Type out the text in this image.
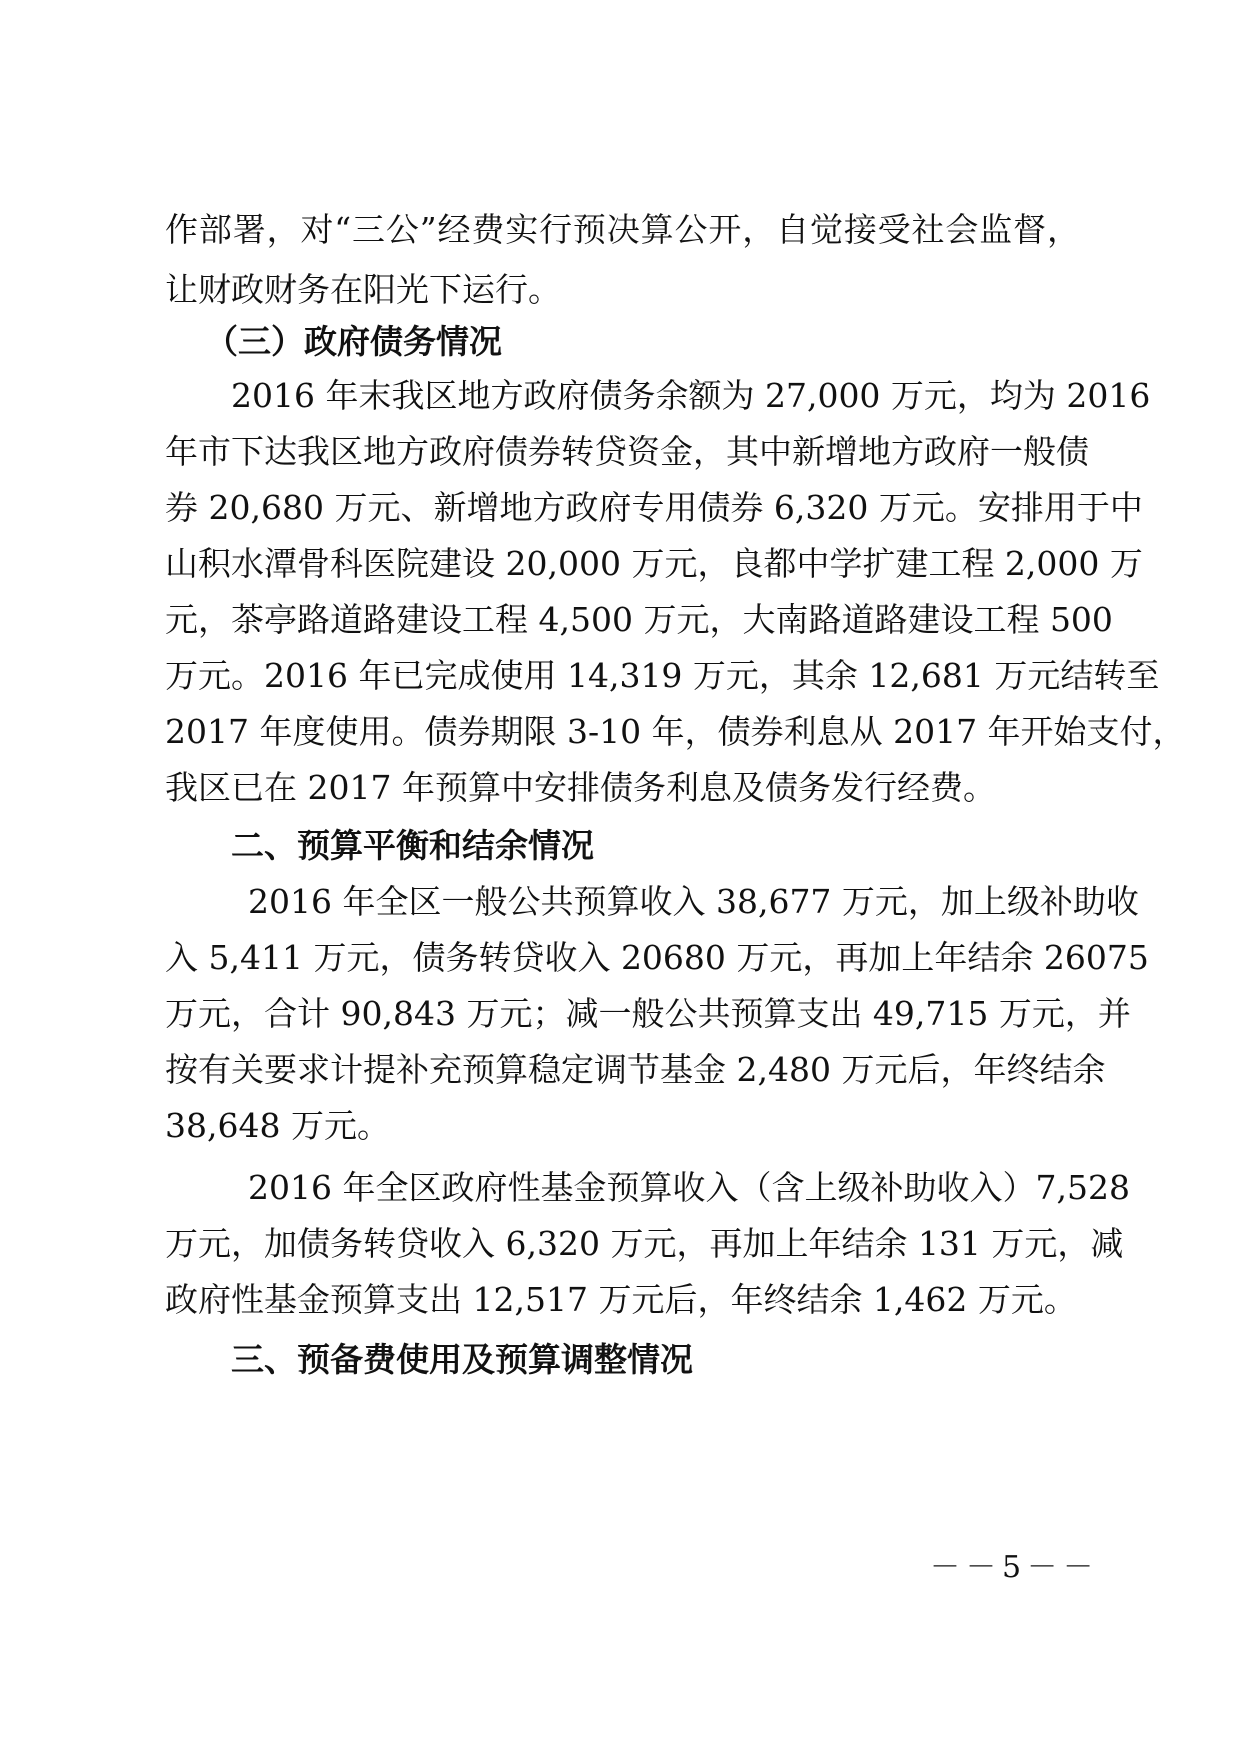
作部署，对“三公”经费实行预决算公开，自觉接受社会监督，
让财政财务在阳光下运行。
（三）政府债务情况
2016 年末我区地方政府债务余额为 27,000 万元，均为 2016
年市下达我区地方政府债券转贷资金，其中新增地方政府一般债
券 20,680 万元、新增地方政府专用债券 6,320 万元。安排用于中
山积水潭骨科医院建设 20,000 万元，良都中学扩建工程 2,000 万
元，茶亭路道路建设工程 4,500 万元，大南路道路建设工程 500
万元。2016 年已完成使用 14,319 万元，其余 12,681 万元结转至
2017 年度使用。债券期限 3-10 年，债券利息从 2017 年开始支付，
我区已在 2017 年预算中安排债务利息及债务发行经费。
二、预算平衡和结余情况
2016 年全区一般公共预算收入 38,677 万元，加上级补助收
入 5,411 万元，债务转贷收入 20680 万元，再加上年结余 26075
万元，合计 90,843 万元；减一般公共预算支出 49,715 万元，并
按有关要求计提补充预算稳定调节基金 2,480 万元后，年终结余
38,648 万元。
2016 年全区政府性基金预算收入（含上级补助收入）7,528
万元，加债务转贷收入 6,320 万元，再加上年结余 131 万元，减
政府性基金预算支出 12,517 万元后，年终结余 1,462 万元。
三、预备费使用及预算调整情况
－－5－－
